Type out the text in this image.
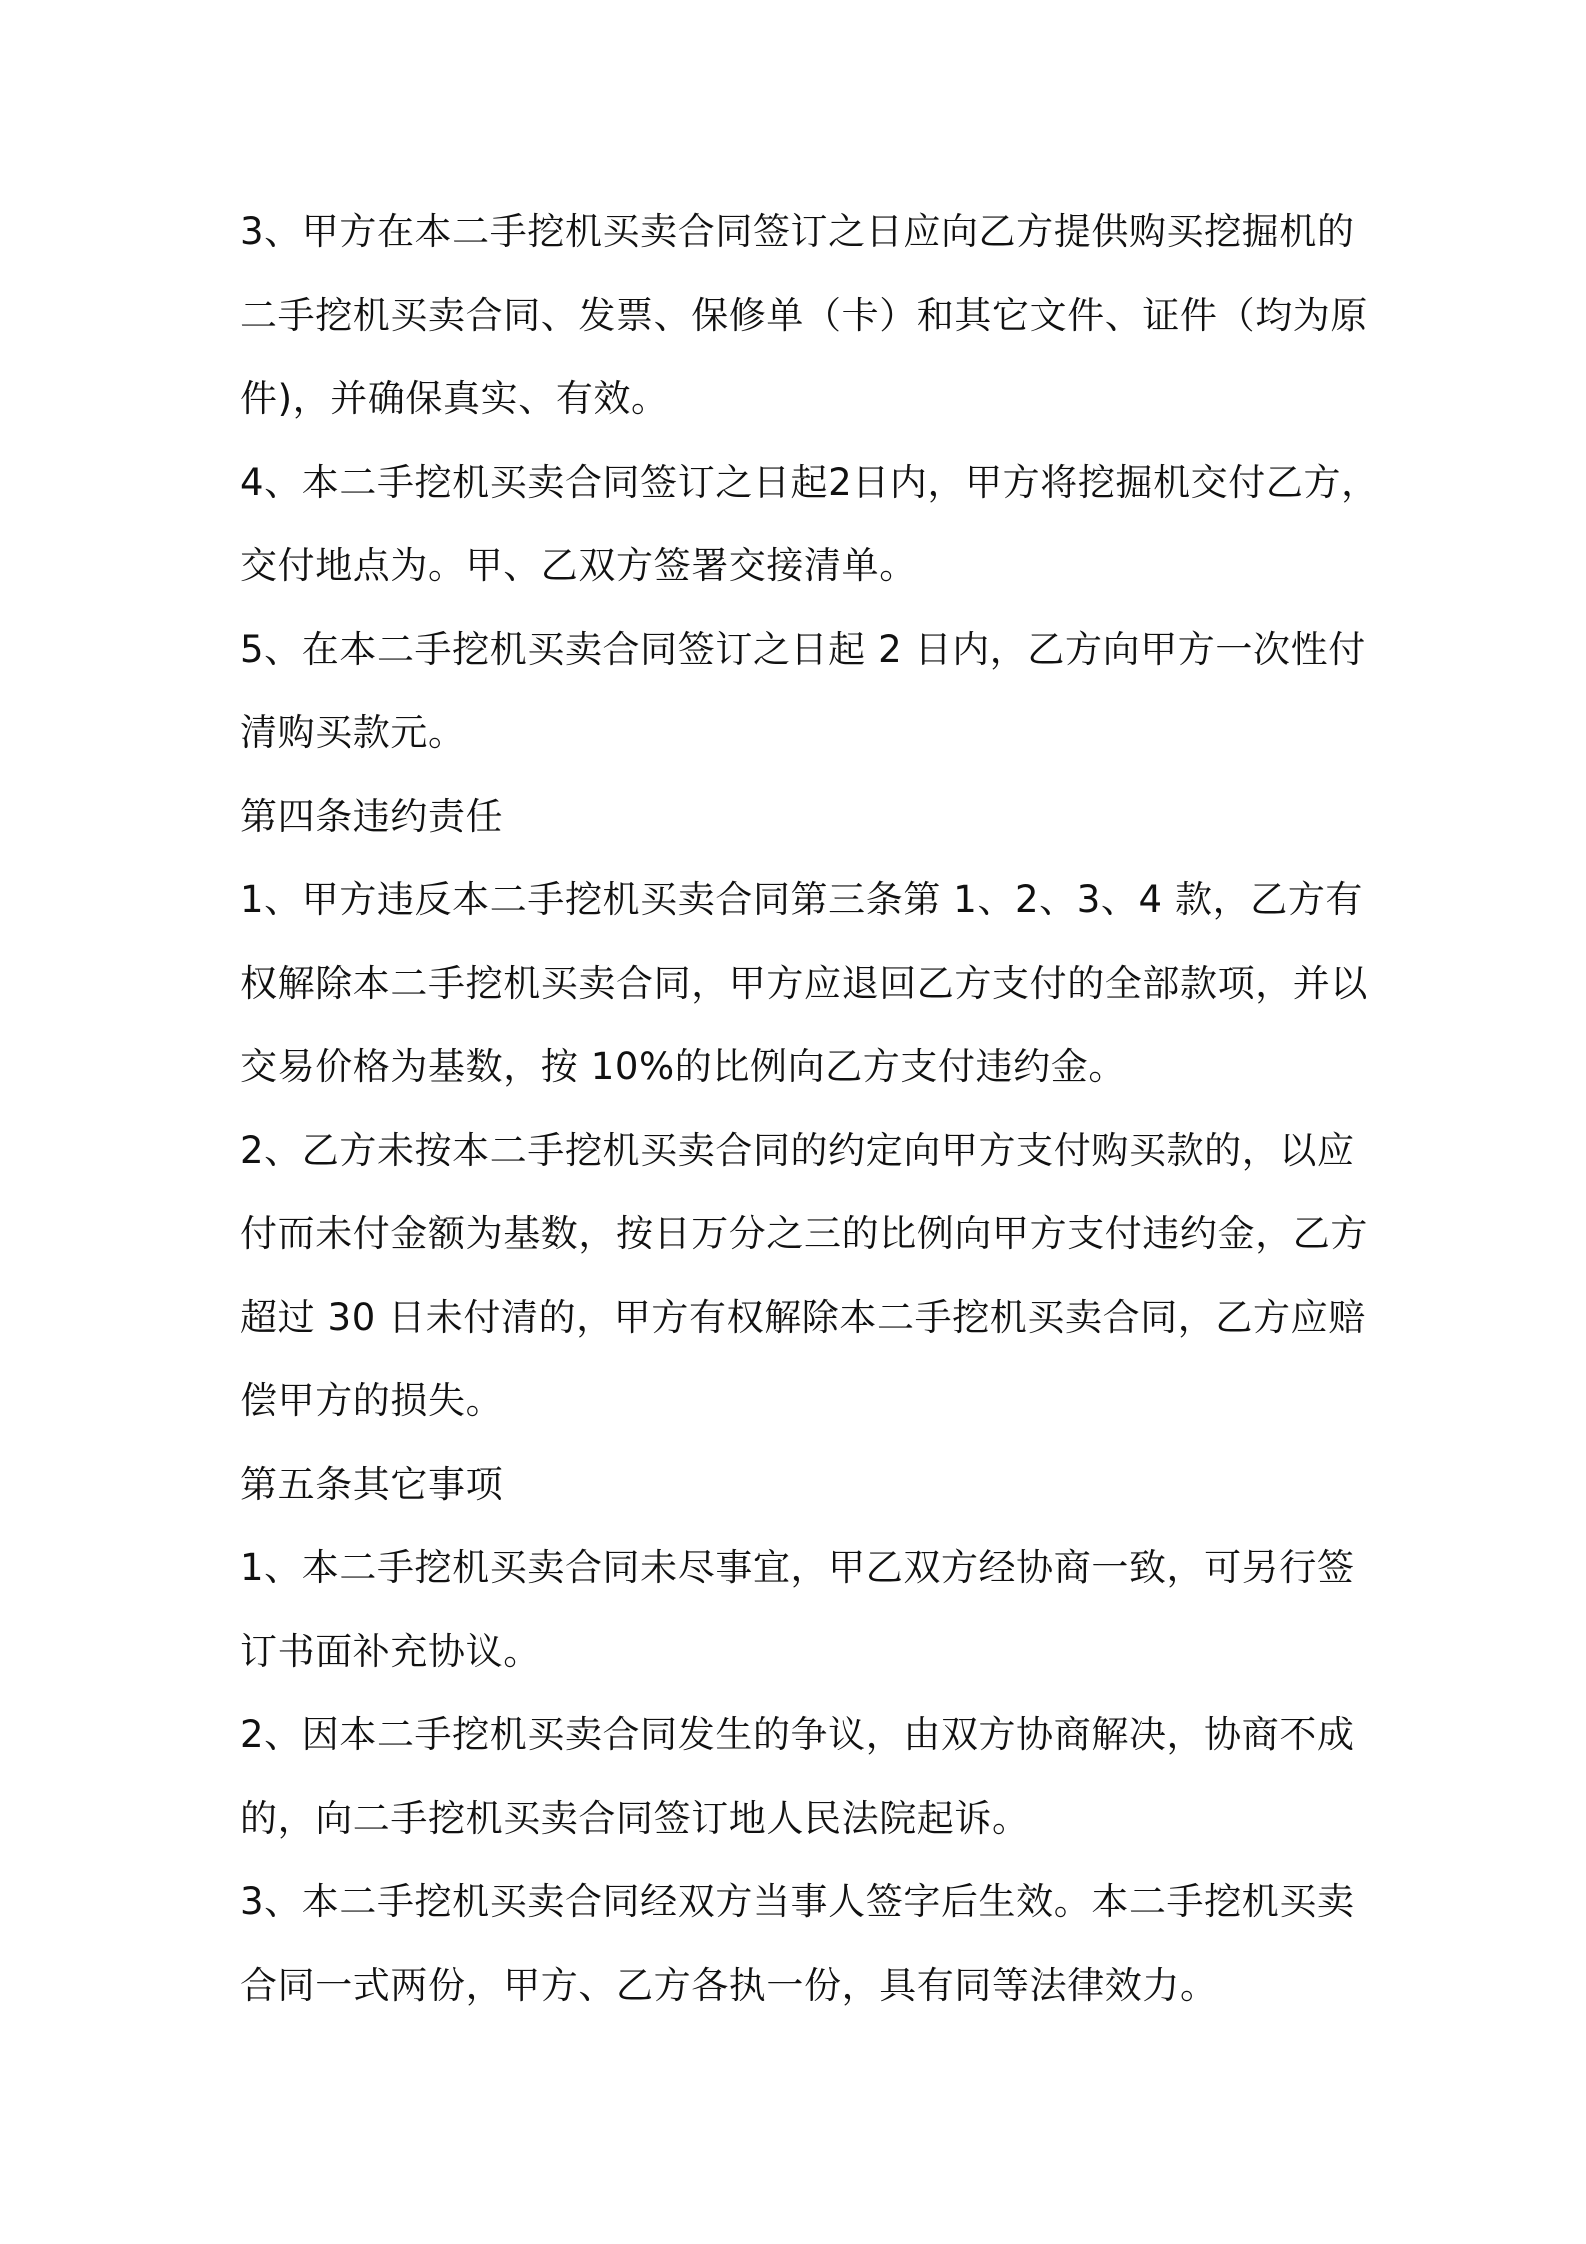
3、甲方在本二手挖机买卖合同签订之日应向乙方提供购买挖掘机的
二手挖机买卖合同、发票、保修单（卡）和其它文件、证件（均为原
件)，并确保真实、有效。
4、本二手挖机买卖合同签订之日起2日内，甲方将挖掘机交付乙方，
交付地点为。甲、乙双方签署交接清单。
5、在本二手挖机买卖合同签订之日起 2 日内，乙方向甲方一次性付
清购买款元。
第四条违约责任
1、甲方违反本二手挖机买卖合同第三条第 1、2、3、4 款，乙方有
权解除本二手挖机买卖合同，甲方应退回乙方支付的全部款项，并以
交易价格为基数，按 10%的比例向乙方支付违约金。
2、乙方未按本二手挖机买卖合同的约定向甲方支付购买款的，以应
付而未付金额为基数，按日万分之三的比例向甲方支付违约金，乙方
超过 30 日未付清的，甲方有权解除本二手挖机买卖合同，乙方应赔
偿甲方的损失。
第五条其它事项
1、本二手挖机买卖合同未尽事宜，甲乙双方经协商一致，可另行签
订书面补充协议。
2、因本二手挖机买卖合同发生的争议，由双方协商解决，协商不成
的，向二手挖机买卖合同签订地人民法院起诉。
3、本二手挖机买卖合同经双方当事人签字后生效。本二手挖机买卖
合同一式两份，甲方、乙方各执一份，具有同等法律效力。
